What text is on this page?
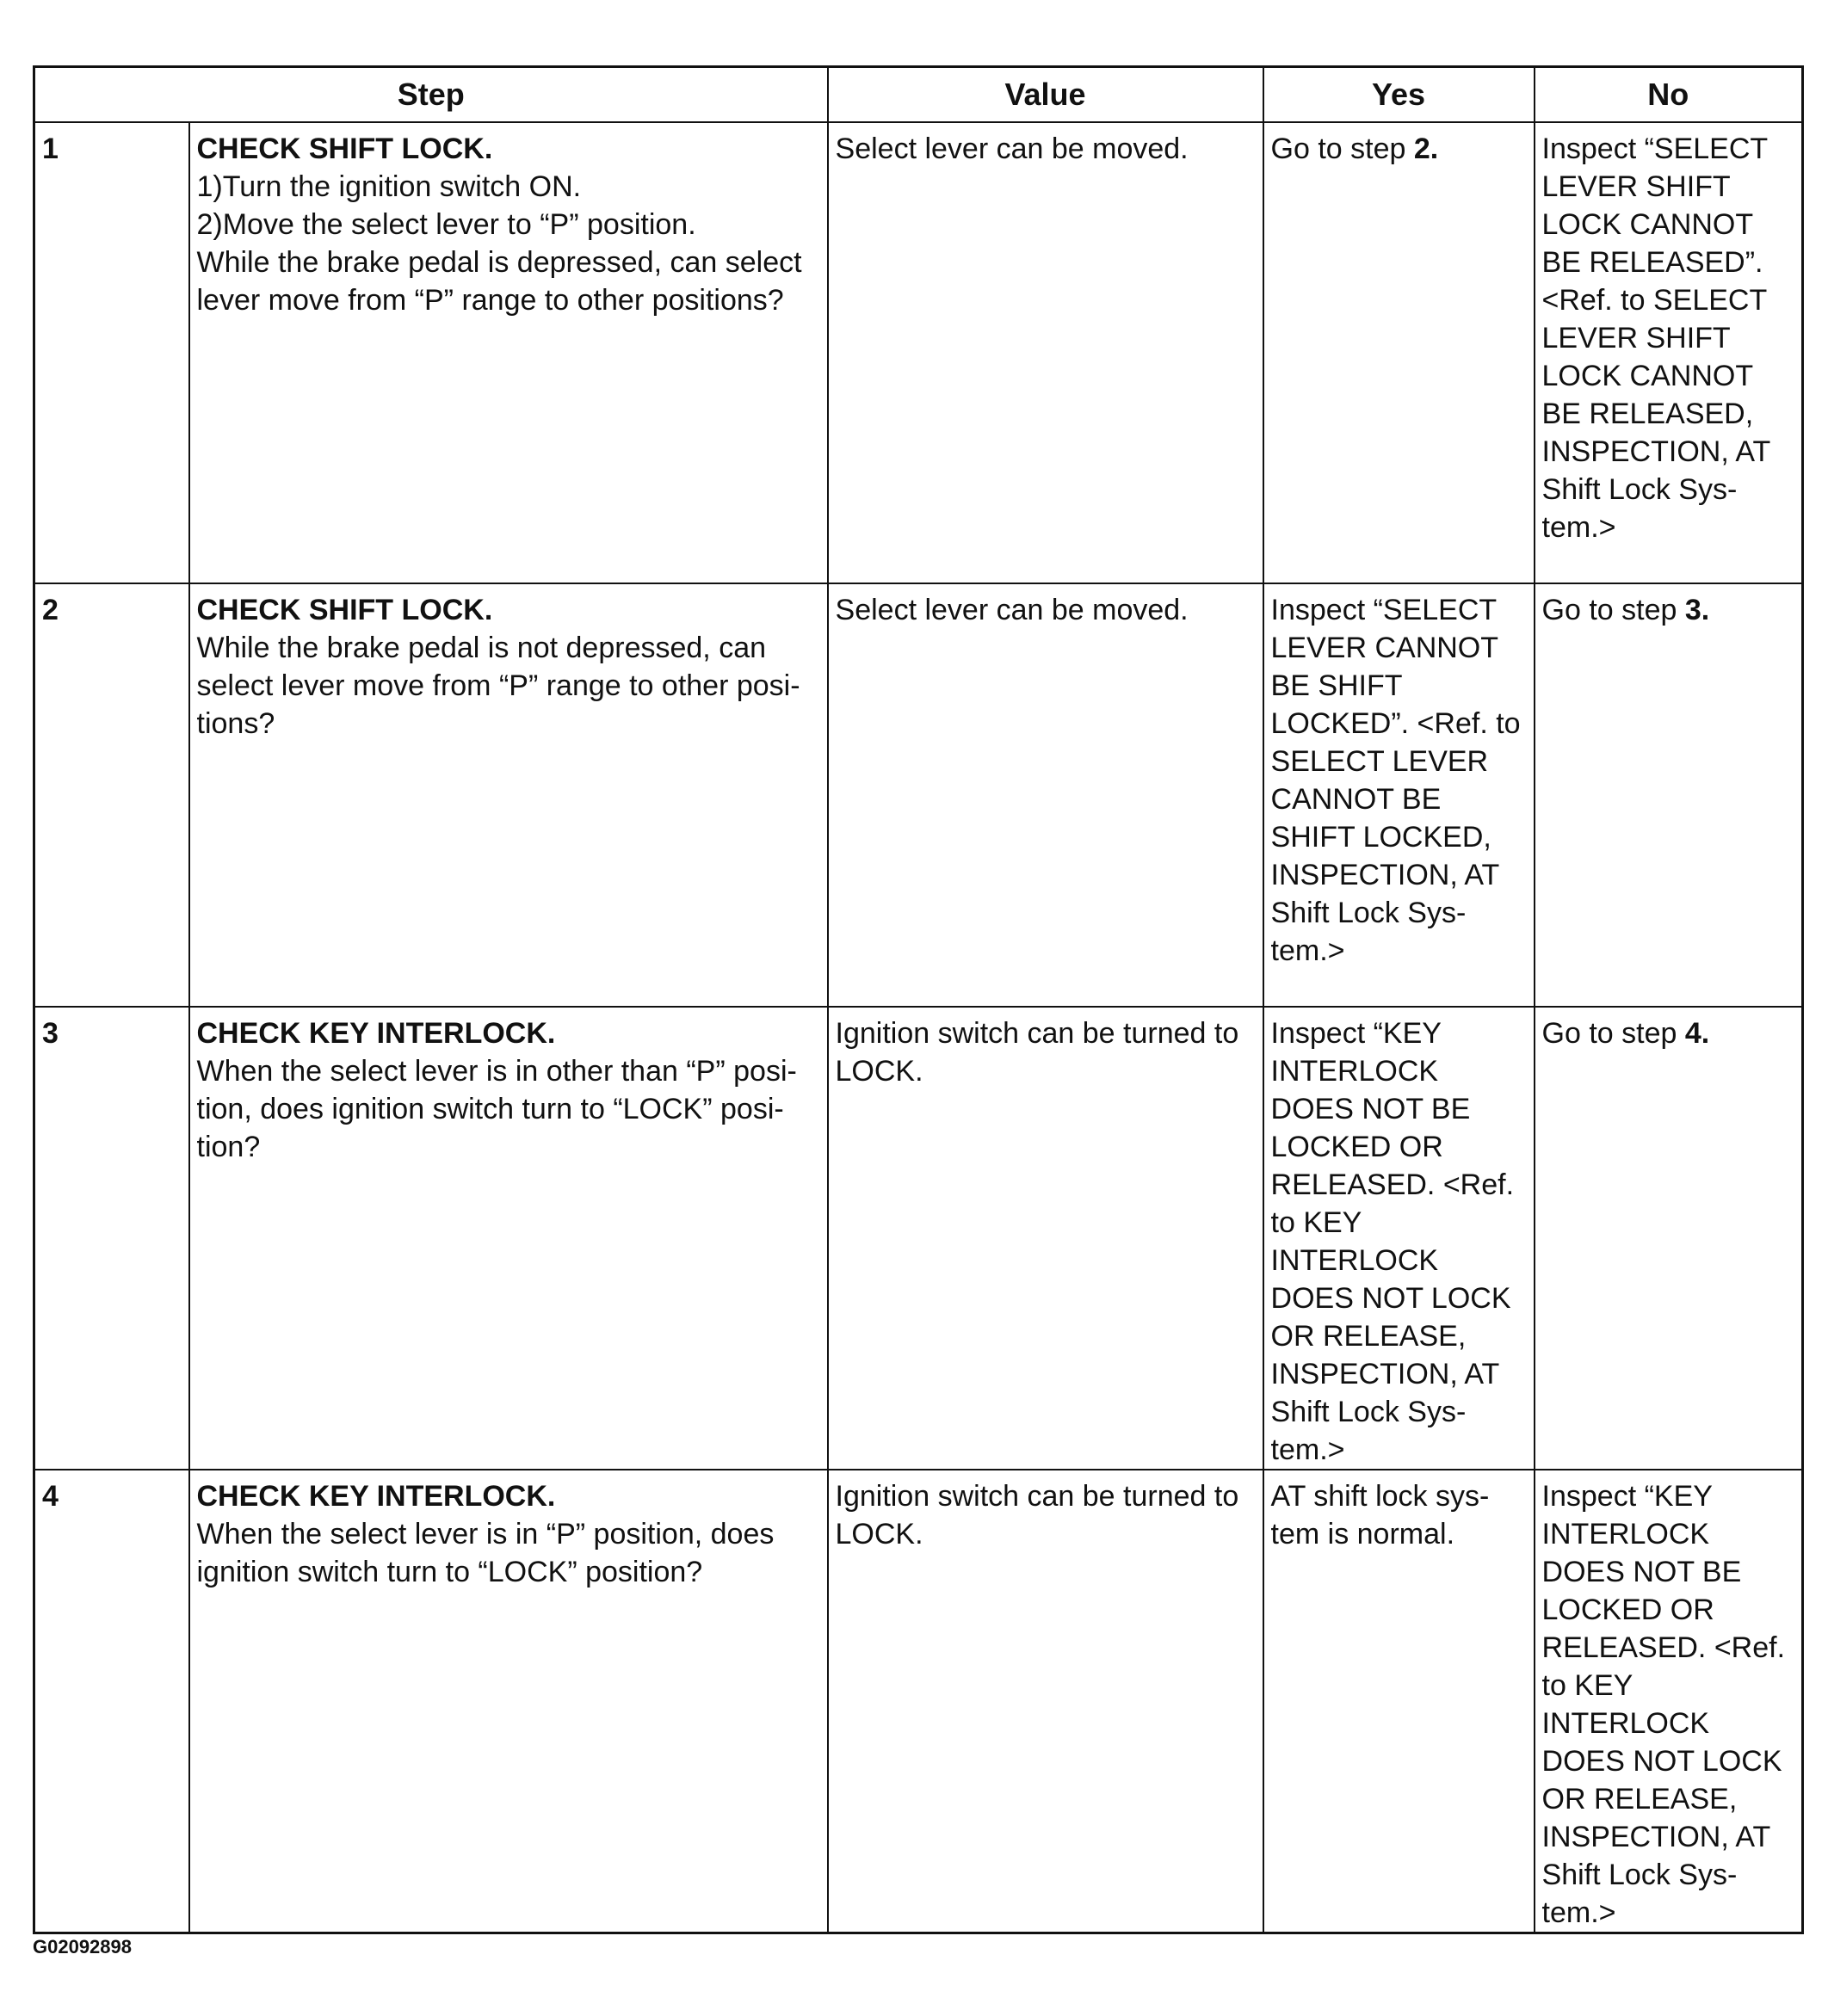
Step		Value	Yes	No
1	CHECK SHIFT LOCK.
1)Turn the ignition switch ON.
2)Move the select lever to “P” position.
While the brake pedal is depressed, can select lever move from “P” range to other positions?	Select lever can be moved.	Go to step 2.	Inspect “SELECT LEVER SHIFT LOCK CANNOT BE RELEASED”. <Ref. to SELECT LEVER SHIFT LOCK CANNOT BE RELEASED, INSPECTION, AT Shift Lock Sys-tem.>
2	CHECK SHIFT LOCK.
While the brake pedal is not depressed, can select lever move from “P” range to other posi-tions?	Select lever can be moved.	Inspect “SELECT LEVER CANNOT BE SHIFT LOCKED”. <Ref. to SELECT LEVER CANNOT BE SHIFT LOCKED, INSPECTION, AT Shift Lock Sys-tem.>	Go to step 3.
3	CHECK KEY INTERLOCK.
When the select lever is in other than “P” posi-tion, does ignition switch turn to “LOCK” posi-tion?	Ignition switch can be turned to LOCK.	Inspect “KEY INTERLOCK DOES NOT BE LOCKED OR RELEASED. <Ref. to KEY INTERLOCK DOES NOT LOCK OR RELEASE, INSPECTION, AT Shift Lock Sys-tem.>	Go to step 4.
4	CHECK KEY INTERLOCK.
When the select lever is in “P” position, does ignition switch turn to “LOCK” position?	Ignition switch can be turned to LOCK.	AT shift lock sys-tem is normal.	Inspect “KEY INTERLOCK DOES NOT BE LOCKED OR RELEASED. <Ref. to KEY INTERLOCK DOES NOT LOCK OR RELEASE, INSPECTION, AT Shift Lock Sys-tem.>
G02092898
